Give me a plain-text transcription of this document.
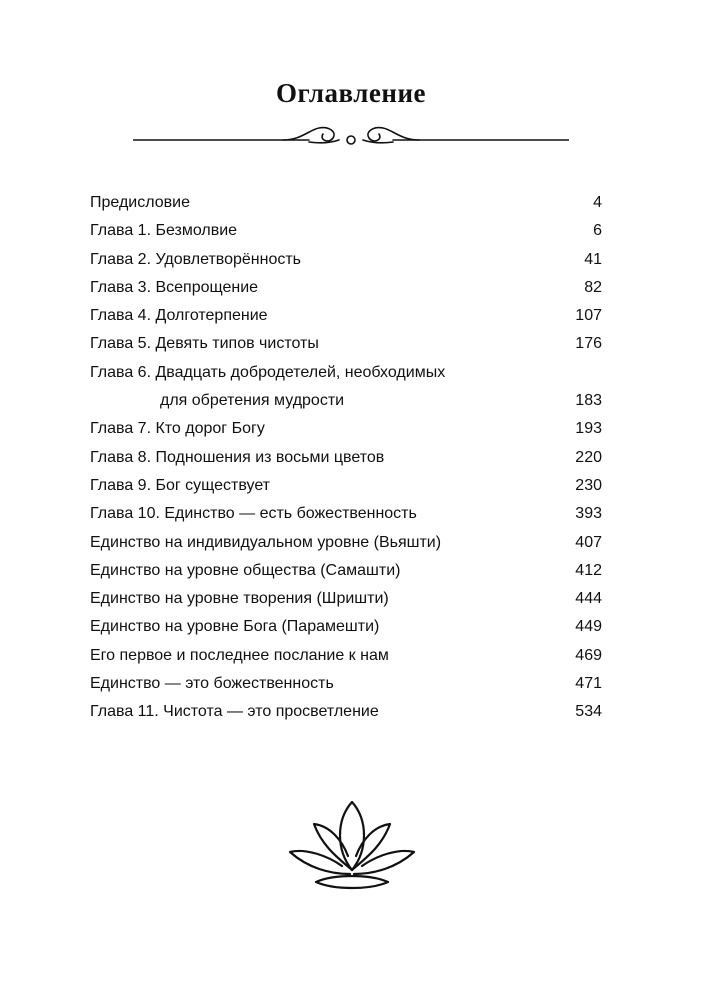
Оглавление
Предисловие . . .	4
Глава 1. Безмолвие . . .	6
Глава 2. Удовлетворённость . . .	41
Глава 3. Всепрощение . . .	82
Глава 4. Долготерпение . . .	107
Глава 5. Девять типов чистоты . . .	176
Глава 6. Двадцать добродетелей, необходимых
для обретения мудрости . . .	183
Глава 7. Кто дорог Богу . . .	193
Глава 8. Подношения из восьми цветов . . .	220
Глава 9. Бог существует . . .	230
Глава 10. Единство — есть божественность . . .	393
Единство на индивидуальном уровне (Вьяшти) . . .	407
Единство на уровне общества (Самашти) . . .	412
Единство на уровне творения (Шришти) . . .	444
Единство на уровне Бога (Парамешти) . . .	449
Его первое и последнее послание к нам . . .	469
Единство — это божественность . . .	471
Глава 11. Чистота — это просветление . . .	534
